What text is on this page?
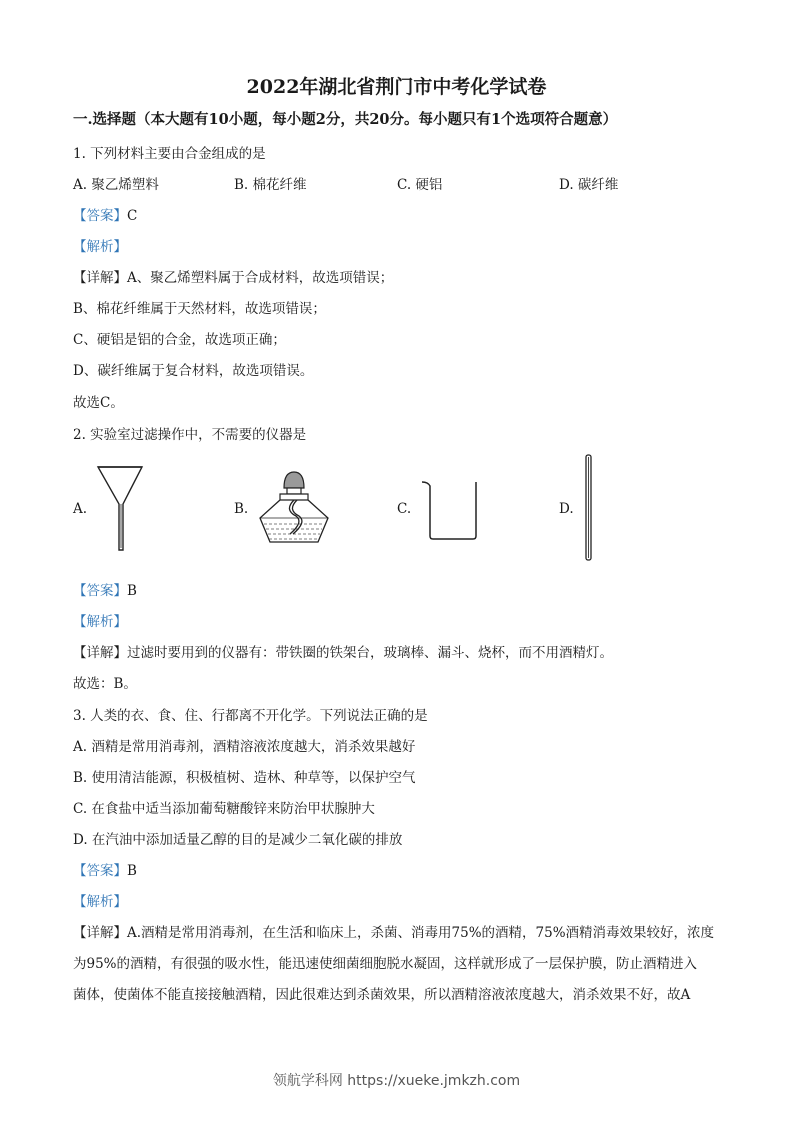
2022年湖北省荆门市中考化学试卷
一.选择题（本大题有10小题，每小题2分，共20分。每小题只有1个选项符合题意）
1. 下列材料主要由合金组成的是
A. 聚乙烯塑料	B. 棉花纤维	C. 硬铝	D. 碳纤维
【答案】C
【解析】
【详解】A、聚乙烯塑料属于合成材料，故选项错误；
B、棉花纤维属于天然材料，故选项错误；
C、硬铝是铝的合金，故选项正确；
D、碳纤维属于复合材料，故选项错误。
故选C。
2. 实验室过滤操作中，不需要的仪器是
A.	B.	C.	D.
【答案】B
【解析】
【详解】过滤时要用到的仪器有：带铁圈的铁架台，玻璃棒、漏斗、烧杯，而不用酒精灯。
故选：B。
3. 人类的衣、食、住、行都离不开化学。下列说法正确的是
A. 酒精是常用消毒剂，酒精溶液浓度越大，消杀效果越好
B. 使用清洁能源，积极植树、造林、种草等，以保护空气
C. 在食盐中适当添加葡萄糖酸锌来防治甲状腺肿大
D. 在汽油中添加适量乙醇的目的是减少二氧化碳的排放
【答案】B
【解析】
【详解】A.酒精是常用消毒剂，在生活和临床上，杀菌、消毒用75%的酒精，75%酒精消毒效果较好，浓度
为95%的酒精，有很强的吸水性，能迅速使细菌细胞脱水凝固，这样就形成了一层保护膜，防止酒精进入
菌体，使菌体不能直接接触酒精，因此很难达到杀菌效果，所以酒精溶液浓度越大，消杀效果不好，故A
领航学科网 https://xueke.jmkzh.com
